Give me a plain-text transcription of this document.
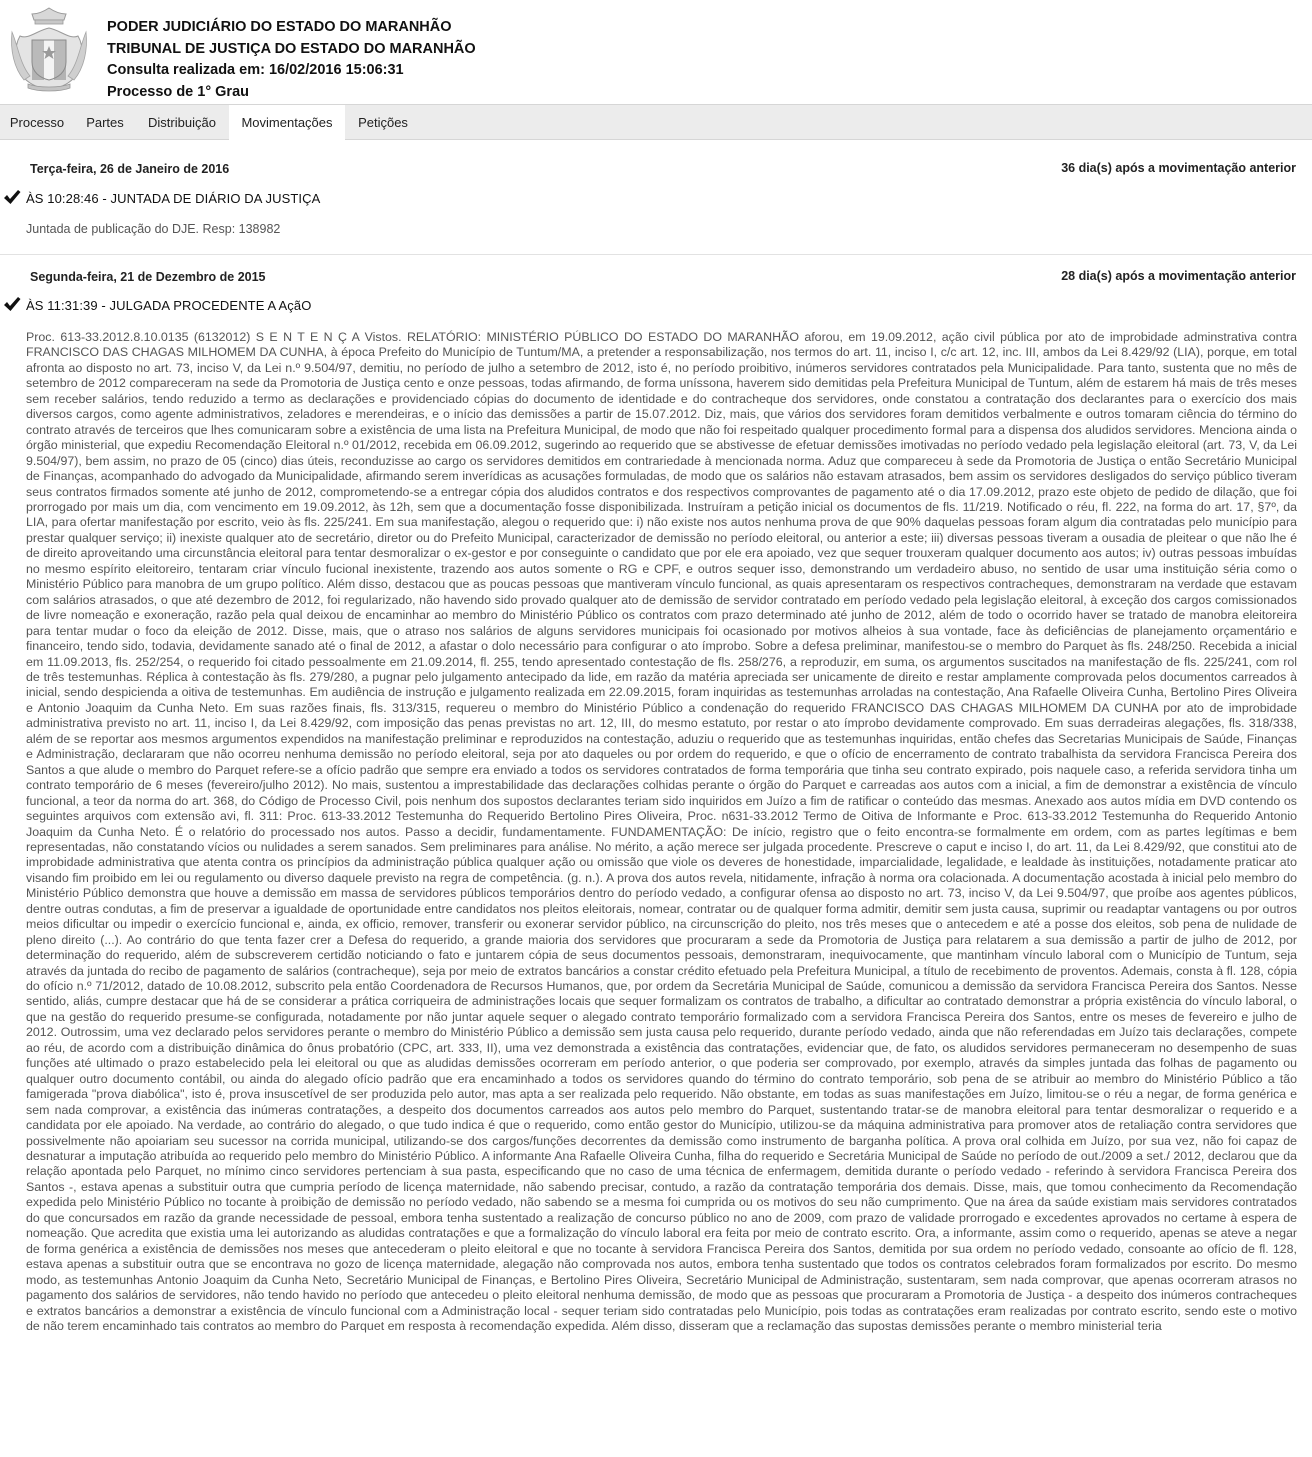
PODER JUDICIÁRIO DO ESTADO DO MARANHÃO
TRIBUNAL DE JUSTIÇA DO ESTADO DO MARANHÃO
Consulta realizada em: 16/02/2016 15:06:31
Processo de 1° Grau
Processo	Partes	Distribuição	Movimentações	Petições
Terça-feira, 26 de Janeiro de 2016	36 dia(s) após a movimentação anterior
ÀS 10:28:46 - JUNTADA DE DIÁRIO DA JUSTIÇA
Juntada de publicação do DJE. Resp: 138982
Segunda-feira, 21 de Dezembro de 2015	28 dia(s) após a movimentação anterior
ÀS 11:31:39 - JULGADA PROCEDENTE A AçãO

Proc. 613-33.2012.8.10.0135 (6132012) S E N T E N Ç A Vistos. RELATÓRIO: MINISTÉRIO PÚBLICO DO ESTADO DO MARANHÃO aforou, em 19.09.2012, ação civil pública por ato de improbidade adminstrativa contra FRANCISCO DAS CHAGAS MILHOMEM DA CUNHA, à época Prefeito do Município de Tuntum/MA, a pretender a responsabilização, nos termos do art. 11, inciso I, c/c art. 12, inc. III, ambos da Lei 8.429/92 (LIA), porque, em total afronta ao disposto no art. 73, inciso V, da Lei n.º 9.504/97, demitiu, no período de julho a setembro de 2012, isto é, no período proibitivo, inúmeros servidores contratados pela Municipalidade. Para tanto, sustenta que no mês de setembro de 2012 compareceram na sede da Promotoria de Justiça cento e onze pessoas, todas afirmando, de forma uníssona, haverem sido demitidas pela Prefeitura Municipal de Tuntum, além de estarem há mais de três meses sem receber salários, tendo reduzido a termo as declarações e providenciado cópias do documento de identidade e do contracheque dos servidores, onde constatou a contratação dos declarantes para o exercício dos mais diversos cargos, como agente administrativos, zeladores e merendeiras, e o início das demissões a partir de 15.07.2012. Diz, mais, que vários dos servidores foram demitidos verbalmente e outros tomaram ciência do término do contrato através de terceiros que lhes comunicaram sobre a existência de uma lista na Prefeitura Municipal, de modo que não foi respeitado qualquer procedimento formal para a dispensa dos aludidos servidores. Menciona ainda o órgão ministerial, que expediu Recomendação Eleitoral n.º 01/2012, recebida em 06.09.2012, sugerindo ao requerido que se abstivesse de efetuar demissões imotivadas no período vedado pela legislação eleitoral (art. 73, V, da Lei 9.504/97), bem assim, no prazo de 05 (cinco) dias úteis, reconduzisse ao cargo os servidores demitidos em contrariedade à mencionada norma. Aduz que compareceu à sede da Promotoria de Justiça o então Secretário Municipal de Finanças, acompanhado do advogado da Municipalidade, afirmando serem inverídicas as acusações formuladas, de modo que os salários não estavam atrasados, bem assim os servidores desligados do serviço público tiveram seus contratos firmados somente até junho de 2012, comprometendo-se a entregar cópia dos aludidos contratos e dos respectivos comprovantes de pagamento até o dia 17.09.2012, prazo este objeto de pedido de dilação, que foi prorrogado por mais um dia, com vencimento em 19.09.2012, às 12h, sem que a documentação fosse disponibilizada. Instruíram a petição inicial os documentos de fls. 11/219. Notificado o réu, fl. 222, na forma do art. 17, §7º, da LIA, para ofertar manifestação por escrito, veio às fls. 225/241. Em sua manifestação, alegou o requerido que: i) não existe nos autos nenhuma prova de que 90% daquelas pessoas foram algum dia contratadas pelo município para prestar qualquer serviço; ii) inexiste qualquer ato de secretário, diretor ou do Prefeito Municipal, caracterizador de demissão no período eleitoral, ou anterior a este; iii) diversas pessoas tiveram a ousadia de pleitear o que não lhe é de direito aproveitando uma circunstância eleitoral para tentar desmoralizar o ex-gestor e por conseguinte o candidato que por ele era apoiado, vez que sequer trouxeram qualquer documento aos autos; iv) outras pessoas imbuídas no mesmo espírito eleitoreiro, tentaram criar vínculo fucional inexistente, trazendo aos autos somente o RG e CPF, e outros sequer isso, demonstrando um verdadeiro abuso, no sentido de usar uma instituição séria como o Ministério Público para manobra de um grupo político. Além disso, destacou que as poucas pessoas que mantiveram vínculo funcional, as quais apresentaram os respectivos contracheques, demonstraram na verdade que estavam com salários atrasados, o que até dezembro de 2012, foi regularizado, não havendo sido provado qualquer ato de demissão de servidor contratado em período vedado pela legislação eleitoral, à exceção dos cargos comissionados de livre nomeação e exoneração, razão pela qual deixou de encaminhar ao membro do Ministério Público os contratos com prazo determinado até junho de 2012, além de todo o ocorrido haver se tratado de manobra eleitoreira para tentar mudar o foco da eleição de 2012. Disse, mais, que o atraso nos salários de alguns servidores municipais foi ocasionado por motivos alheios à sua vontade, face às deficiências de planejamento orçamentário e financeiro, tendo sido, todavia, devidamente sanado até o final de 2012, a afastar o dolo necessário para configurar o ato ímprobo. Sobre a defesa preliminar, manifestou-se o membro do Parquet às fls. 248/250. Recebida a inicial em 11.09.2013, fls. 252/254, o requerido foi citado pessoalmente em 21.09.2014, fl. 255, tendo apresentado contestação de fls. 258/276, a reproduzir, em suma, os argumentos suscitados na manifestação de fls. 225/241, com rol de três testemunhas. Réplica à contestação às fls. 279/280, a pugnar pelo julgamento antecipado da lide, em razão da matéria apreciada ser unicamente de direito e restar amplamente comprovada pelos documentos carreados à inicial, sendo despicienda a oitiva de testemunhas. Em audiência de instrução e julgamento realizada em 22.09.2015, foram inquiridas as testemunhas arroladas na contestação, Ana Rafaelle Oliveira Cunha, Bertolino Pires Oliveira e Antonio Joaquim da Cunha Neto. Em suas razões finais, fls. 313/315, requereu o membro do Ministério Público a condenação do requerido FRANCISCO DAS CHAGAS MILHOMEM DA CUNHA por ato de improbidade administrativa previsto no art. 11, inciso I, da Lei 8.429/92, com imposição das penas previstas no art. 12, III, do mesmo estatuto, por restar o ato ímprobo devidamente comprovado. Em suas derradeiras alegações, fls. 318/338, além de se reportar aos mesmos argumentos expendidos na manifestação preliminar e reproduzidos na contestação, aduziu o requerido que as testemunhas inquiridas, então chefes das Secretarias Municipais de Saúde, Finanças e Administração, declararam que não ocorreu nenhuma demissão no período eleitoral, seja por ato daqueles ou por ordem do requerido, e que o ofício de encerramento de contrato trabalhista da servidora Francisca Pereira dos Santos a que alude o membro do Parquet refere-se a ofício padrão que sempre era enviado a todos os servidores contratados de forma temporária que tinha seu contrato expirado, pois naquele caso, a referida servidora tinha um contrato temporário de 6 meses (fevereiro/julho 2012). No mais, sustentou a imprestabilidade das declarações colhidas perante o órgão do Parquet e carreadas aos autos com a inicial, a fim de demonstrar a existência de vínculo funcional, a teor da norma do art. 368, do Código de Processo Civil, pois nenhum dos supostos declarantes teriam sido inquiridos em Juízo a fim de ratificar o conteúdo das mesmas. Anexado aos autos mídia em DVD contendo os seguintes arquivos com extensão avi, fl. 311: Proc. 613-33.2012 Testemunha do Requerido Bertolino Pires Oliveira, Proc. n631-33.2012 Termo de Oitiva de Informante e Proc. 613-33.2012 Testemunha do Requerido Antonio Joaquim da Cunha Neto. É o relatório do processado nos autos. Passo a decidir, fundamentamente. FUNDAMENTAÇÃO: De início, registro que o feito encontra-se formalmente em ordem, com as partes legítimas e bem representadas, não constatando vícios ou nulidades a serem sanados. Sem preliminares para análise. No mérito, a ação merece ser julgada procedente. Prescreve o caput e inciso I, do art. 11, da Lei 8.429/92, que constitui ato de improbidade administrativa que atenta contra os princípios da administração pública qualquer ação ou omissão que viole os deveres de honestidade, imparcialidade, legalidade, e lealdade às instituições, notadamente praticar ato visando fim proibido em lei ou regulamento ou diverso daquele previsto na regra de competência. (g. n.). A prova dos autos revela, nitidamente, infração à norma ora colacionada. A documentação acostada à inicial pelo membro do Ministério Público demonstra que houve a demissão em massa de servidores públicos temporários dentro do período vedado, a configurar ofensa ao disposto no art. 73, inciso V, da Lei 9.504/97, que proíbe aos agentes públicos, dentre outras condutas, a fim de preservar a igualdade de oportunidade entre candidatos nos pleitos eleitorais, nomear, contratar ou de qualquer forma admitir, demitir sem justa causa, suprimir ou readaptar vantagens ou por outros meios dificultar ou impedir o exercício funcional e, ainda, ex officio, remover, transferir ou exonerar servidor público, na circunscrição do pleito, nos três meses que o antecedem e até a posse dos eleitos, sob pena de nulidade de pleno direito (...). Ao contrário do que tenta fazer crer a Defesa do requerido, a grande maioria dos servidores que procuraram a sede da Promotoria de Justiça para relatarem a sua demissão a partir de julho de 2012, por determinação do requerido, além de subscreverem certidão noticiando o fato e juntarem cópia de seus documentos pessoais, demonstraram, inequivocamente, que mantinham vínculo laboral com o Município de Tuntum, seja através da juntada do recibo de pagamento de salários (contracheque), seja por meio de extratos bancários a constar crédito efetuado pela Prefeitura Municipal, a título de recebimento de proventos. Ademais, consta à fl. 128, cópia do ofício n.º 71/2012, datado de 10.08.2012, subscrito pela então Coordenadora de Recursos Humanos, que, por ordem da Secretária Municipal de Saúde, comunicou a demissão da servidora Francisca Pereira dos Santos. Nesse sentido, aliás, cumpre destacar que há de se considerar a prática corriqueira de administrações locais que sequer formalizam os contratos de trabalho, a dificultar ao contratado demonstrar a própria existência do vínculo laboral, o que na gestão do requerido presume-se configurada, notadamente por não juntar aquele sequer o alegado contrato temporário formalizado com a servidora Francisca Pereira dos Santos, entre os meses de fevereiro e julho de 2012. Outrossim, uma vez declarado pelos servidores perante o membro do Ministério Público a demissão sem justa causa pelo requerido, durante período vedado, ainda que não referendadas em Juízo tais declarações, compete ao réu, de acordo com a distribuição dinâmica do ônus probatório (CPC, art. 333, II), uma vez demonstrada a existência das contratações, evidenciar que, de fato, os aludidos servidores permaneceram no desempenho de suas funções até ultimado o prazo estabelecido pela lei eleitoral ou que as aludidas demissões ocorreram em período anterior, o que poderia ser comprovado, por exemplo, através da simples juntada das folhas de pagamento ou qualquer outro documento contábil, ou ainda do alegado ofício padrão que era encaminhado a todos os servidores quando do término do contrato temporário, sob pena de se atribuir ao membro do Ministério Público a tão famigerada "prova diabólica", isto é, prova insuscetível de ser produzida pelo autor, mas apta a ser realizada pelo requerido. Não obstante, em todas as suas manifestações em Juízo, limitou-se o réu a negar, de forma genérica e sem nada comprovar, a existência das inúmeras contratações, a despeito dos documentos carreados aos autos pelo membro do Parquet, sustentando tratar-se de manobra eleitoral para tentar desmoralizar o requerido e a candidata por ele apoiado. Na verdade, ao contrário do alegado, o que tudo indica é que o requerido, como então gestor do Município, utilizou-se da máquina administrativa para promover atos de retaliação contra servidores que possivelmente não apoiariam seu sucessor na corrida municipal, utilizando-se dos cargos/funções decorrentes da demissão como instrumento de barganha política. A prova oral colhida em Juízo, por sua vez, não foi capaz de desnaturar a imputação atribuída ao requerido pelo membro do Ministério Público. A informante Ana Rafaelle Oliveira Cunha, filha do requerido e Secretária Municipal de Saúde no período de out./2009 a set./ 2012, declarou que da relação apontada pelo Parquet, no mínimo cinco servidores pertenciam à sua pasta, especificando que no caso de uma técnica de enfermagem, demitida durante o período vedado - referindo à servidora Francisca Pereira dos Santos -, estava apenas a substituir outra que cumpria período de licença maternidade, não sabendo precisar, contudo, a razão da contratação temporária dos demais. Disse, mais, que tomou conhecimento da Recomendação expedida pelo Ministério Público no tocante à proibição de demissão no período vedado, não sabendo se a mesma foi cumprida ou os motivos do seu não cumprimento. Que na área da saúde existiam mais servidores contratados do que concursados em razão da grande necessidade de pessoal, embora tenha sustentado a realização de concurso público no ano de 2009, com prazo de validade prorrogado e excedentes aprovados no certame à espera de nomeação. Que acredita que existia uma lei autorizando as aludidas contratações e que a formalização do vínculo laboral era feita por meio de contrato escrito. Ora, a informante, assim como o requerido, apenas se ateve a negar de forma genérica a existência de demissões nos meses que antecederam o pleito eleitoral e que no tocante à servidora Francisca Pereira dos Santos, demitida por sua ordem no período vedado, consoante ao ofício de fl. 128, estava apenas a substituir outra que se encontrava no gozo de licença maternidade, alegação não comprovada nos autos, embora tenha sustentado que todos os contratos celebrados foram formalizados por escrito. Do mesmo modo, as testemunhas Antonio Joaquim da Cunha Neto, Secretário Municipal de Finanças, e Bertolino Pires Oliveira, Secretário Municipal de Administração, sustentaram, sem nada comprovar, que apenas ocorreram atrasos no pagamento dos salários de servidores, não tendo havido no período que antecedeu o pleito eleitoral nenhuma demissão, de modo que as pessoas que procuraram a Promotoria de Justiça - a despeito dos inúmeros contracheques e extratos bancários a demonstrar a existência de vínculo funcional com a Administração local - sequer teriam sido contratadas pelo Município, pois todas as contratações eram realizadas por contrato escrito, sendo este o motivo de não terem encaminhado tais contratos ao membro do Parquet em resposta à recomendação expedida. Além disso, disseram que a reclamação das supostas demissões perante o membro ministerial teria
